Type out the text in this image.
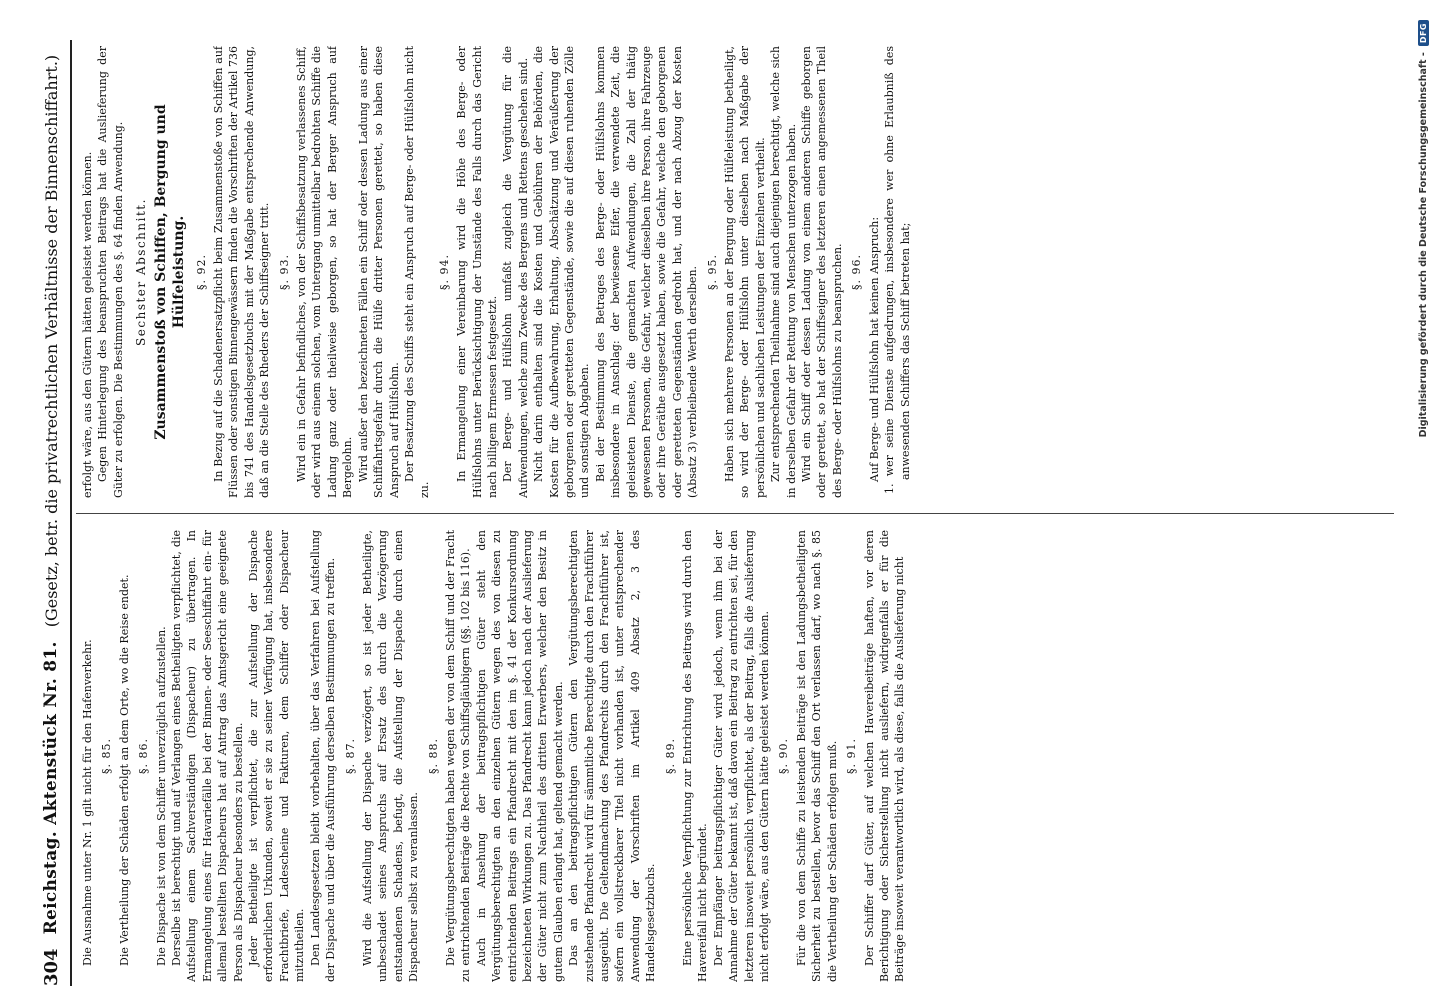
304
Reichstag. Aktenstück Nr. 81.
(Gesetz, betr. die privatrechtlichen Verhältnisse der Binnenschiffahrt.)

Die Ausnahme unter Nr. 1 gilt nicht für den Hafenverkehr. §. 85. Die Vertheilung der Schäden erfolgt an dem Orte, wo die Reise endet. §. 86. Die Dispache ist von dem Schiffer unverzüglich aufzustellen. Derselbe ist berechtigt und auf Verlangen eines Betheiligten verpflichtet, die Aufstellung einem Sachverständigen (Dispacheur) zu übertragen. In Ermangelung eines für Havariefälle bei der Binnen- oder Seeschiffahrt ein- für allemal bestellten Dispacheurs hat auf Antrag das Amtsgericht eine geeignete Person als Dispacheur besonders zu bestellen. Jeder Betheiligte ist verpflichtet, die zur Aufstellung der Dispache erforderlichen Urkunden, soweit er sie zu seiner Verfügung hat, insbesondere Frachtbriefe, Ladescheine und Fakturen, dem Schiffer oder Dispacheur mitzutheilen. Den Landesgesetzen bleibt vorbehalten, über das Verfahren bei Aufstellung der Dispache und über die Ausführung derselben Bestimmungen zu treffen. §. 87. Wird die Aufstellung der Dispache verzögert, so ist jeder Betheiligte, unbeschadet seines Anspruchs auf Ersatz des durch die Verzögerung entstandenen Schadens, befugt, die Aufstellung der Dispache durch einen Dispacheur selbst zu veranlassen.

§. 88. Die Vergütungsberechtigten haben wegen der von dem Schiff und der Fracht zu entrichtenden Beiträge die Rechte von Schiffsgläubigern (§§. 102 bis 116). Auch in Ansehung der beitragspflichtigen Güter steht den Vergütungsberechtigten an den einzelnen Gütern wegen des von diesen zu entrichtenden Beitrags ein Pfandrecht mit den im §. 41 der Konkursordnung bezeichneten Wirkungen zu. Das Pfandrecht kann jedoch nach der Auslieferung der Güter nicht zum Nachtheil des dritten Erwerbers, welcher den Besitz in gutem Glauben erlangt hat, geltend gemacht werden. Das an den beitragspflichtigen Gütern den Vergütungsberechtigten zustehende Pfandrecht wird für sämmtliche Berechtigte durch den Frachtführer ausgeübt. Die Geltendmachung des Pfandrechts durch den Frachtführer ist, sofern ein vollstreckbarer Titel nicht vorhanden ist, unter entsprechender Anwendung der Vorschriften im Artikel 409 Absatz 2, 3 des Handelsgesetzbuchs.

§. 89. Eine persönliche Verpflichtung zur Entrichtung des Beitrags wird durch den Havereifall nicht begründet. Der Empfänger beitragspflichtiger Güter wird jedoch, wenn ihm bei der Annahme der Güter bekannt ist, daß davon ein Beitrag zu entrichten sei, für den letzteren insoweit persönlich verpflichtet, als der Beitrag, falls die Auslieferung nicht erfolgt wäre, aus den Gütern hätte geleistet werden können. §. 90. Für die von dem Schiffe zu leistenden Beiträge ist den Ladungsbetheiligten Sicherheit zu bestellen, bevor das Schiff den Ort verlassen darf, wo nach §. 85 die Vertheilung der Schäden erfolgen muß. §. 91. Der Schiffer darf Güter, auf welchen Havereibeiträge haften, vor deren Berichtigung oder Sicherstellung nicht ausliefern, widrigenfalls er für die Beiträge insoweit verantwortlich wird, als diese, falls die Auslieferung nicht

erfolgt wäre, aus den Gütern hätten geleistet werden können. Gegen Hinterlegung des beanspruchten Beitrags hat die Auslieferung der Güter zu erfolgen. Die Bestimmungen des §. 64 finden Anwendung. Sechster Abschnitt. Zusammenstoß von Schiffen, Bergung und Hülfeleistung. §. 92. In Bezug auf die Schadenersatzpflicht beim Zusammenstoße von Schiffen auf Flüssen oder sonstigen Binnengewässern finden die Vorschriften der Artikel 736 bis 741 des Handelsgesetzbuchs mit der Maßgabe entsprechende Anwendung, daß an die Stelle des Rheders der Schiffseigner tritt. §. 93. Wird ein in Gefahr befindliches, von der Schiffsbesatzung verlassenes Schiff, oder wird aus einem solchen, vom Untergang unmittelbar bedrohten Schiffe die Ladung ganz oder theilweise geborgen, so hat der Berger Anspruch auf Bergelohn. Wird außer den bezeichneten Fällen ein Schiff oder dessen Ladung aus einer Schiffahrtsgefahr durch die Hülfe dritter Personen gerettet, so haben diese Anspruch auf Hülfslohn. Der Besatzung des Schiffs steht ein Anspruch auf Berge- oder Hülfslohn nicht zu.

§. 94. In Ermangelung einer Vereinbarung wird die Höhe des Berge- oder Hülfslohns unter Berücksichtigung der Umstände des Falls durch das Gericht nach billigem Ermessen festgesetzt. Der Berge- und Hülfslohn umfaßt zugleich die Vergütung für die Aufwendungen, welche zum Zwecke des Bergens und Rettens geschehen sind. Nicht darin enthalten sind die Kosten und Gebühren der Behörden, die Kosten für die Aufbewahrung, Erhaltung, Abschätzung und Veräußerung der geborgenen oder geretteten Gegenstände, sowie die auf diesen ruhenden Zölle und sonstigen Abgaben. Bei der Bestimmung des Betrages des Berge- oder Hülfslohns kommen insbesondere in Anschlag: der bewiesene Eifer, die verwendete Zeit, die geleisteten Dienste, die gemachten Aufwendungen, die Zahl der thätig gewesenen Personen, die Gefahr, welcher dieselben ihre Person, ihre Fahrzeuge oder ihre Geräthe ausgesetzt haben, sowie die Gefahr, welche den geborgenen oder geretteten Gegenständen gedroht hat, und der nach Abzug der Kosten (Absatz 3) verbleibende Werth derselben. §. 95. Haben sich mehrere Personen an der Bergung oder Hülfeleistung betheiligt, so wird der Berge- oder Hülfslohn unter dieselben nach Maßgabe der persönlichen und sachlichen Leistungen der Einzelnen vertheilt. Zur entsprechenden Theilnahme sind auch diejenigen berechtigt, welche sich in derselben Gefahr der Rettung von Menschen unterzogen haben. Wird ein Schiff oder dessen Ladung von einem anderen Schiffe geborgen oder gerettet, so hat der Schiffseigner des letzteren einen angemessenen Theil des Berge- oder Hülfslohns zu beanspruchen. §. 96. Auf Berge- und Hülfslohn hat keinen Anspruch: 1. wer seine Dienste aufgedrungen, insbesondere wer ohne Erlaubniß des anwesenden Schiffers das Schiff betreten hat;	Digitalisierung gefördert durch die Deutsche Forschungsgemeinschaft -
DFG
